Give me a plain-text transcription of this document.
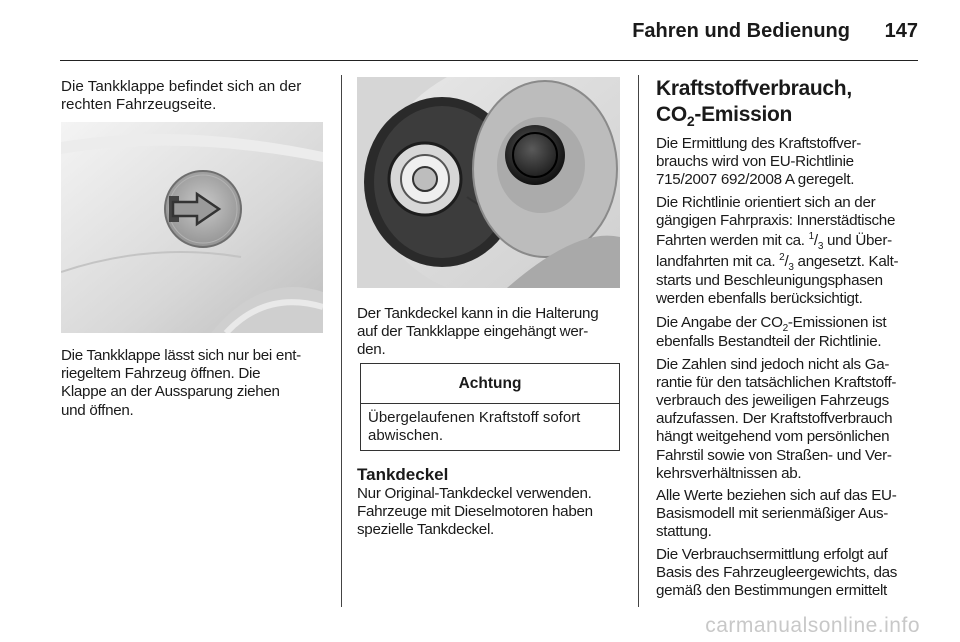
Fahren und Bedienung	147
Die Tankklappe befindet sich an der
rechten Fahrzeugseite.
Die Tankklappe lässt sich nur bei ent-
riegeltem Fahrzeug öffnen. Die
Klappe an der Aussparung ziehen
und öffnen.
Der Tankdeckel kann in die Halterung
auf der Tankklappe eingehängt wer-
den.
Achtung
Übergelaufenen Kraftstoff sofort
abwischen.
Tankdeckel
Nur Original-Tankdeckel verwenden.
Fahrzeuge mit Dieselmotoren haben
spezielle Tankdeckel.
Kraftstoffverbrauch,
$CO_2$-Emission
Die Ermittlung des Kraftstoffver-
brauchs wird von EU-Richtlinie
715/2007 692/2008 A geregelt.
Die Richtlinie orientiert sich an der
gängigen Fahrpraxis: Innerstädtische
Fahrten werden mit ca. $^1/_3$ und Über-
landfahrten mit ca. $^2/_3$ angesetzt. Kalt-
starts und Beschleunigungsphasen
werden ebenfalls berücksichtigt.
Die Angabe der $CO_2$-Emissionen ist
ebenfalls Bestandteil der Richtlinie.
Die Zahlen sind jedoch nicht als Ga-
rantie für den tatsächlichen Kraftstoff-
verbrauch des jeweiligen Fahrzeugs
aufzufassen. Der Kraftstoffverbrauch
hängt weitgehend vom persönlichen
Fahrstil sowie von Straßen- und Ver-
kehrsverhältnissen ab.
Alle Werte beziehen sich auf das EU-
Basismodell mit serienmäßiger Aus-
stattung.
Die Verbrauchsermittlung erfolgt auf
Basis des Fahrzeugleergewichts, das
gemäß den Bestimmungen ermittelt
carmanualsonline.info
